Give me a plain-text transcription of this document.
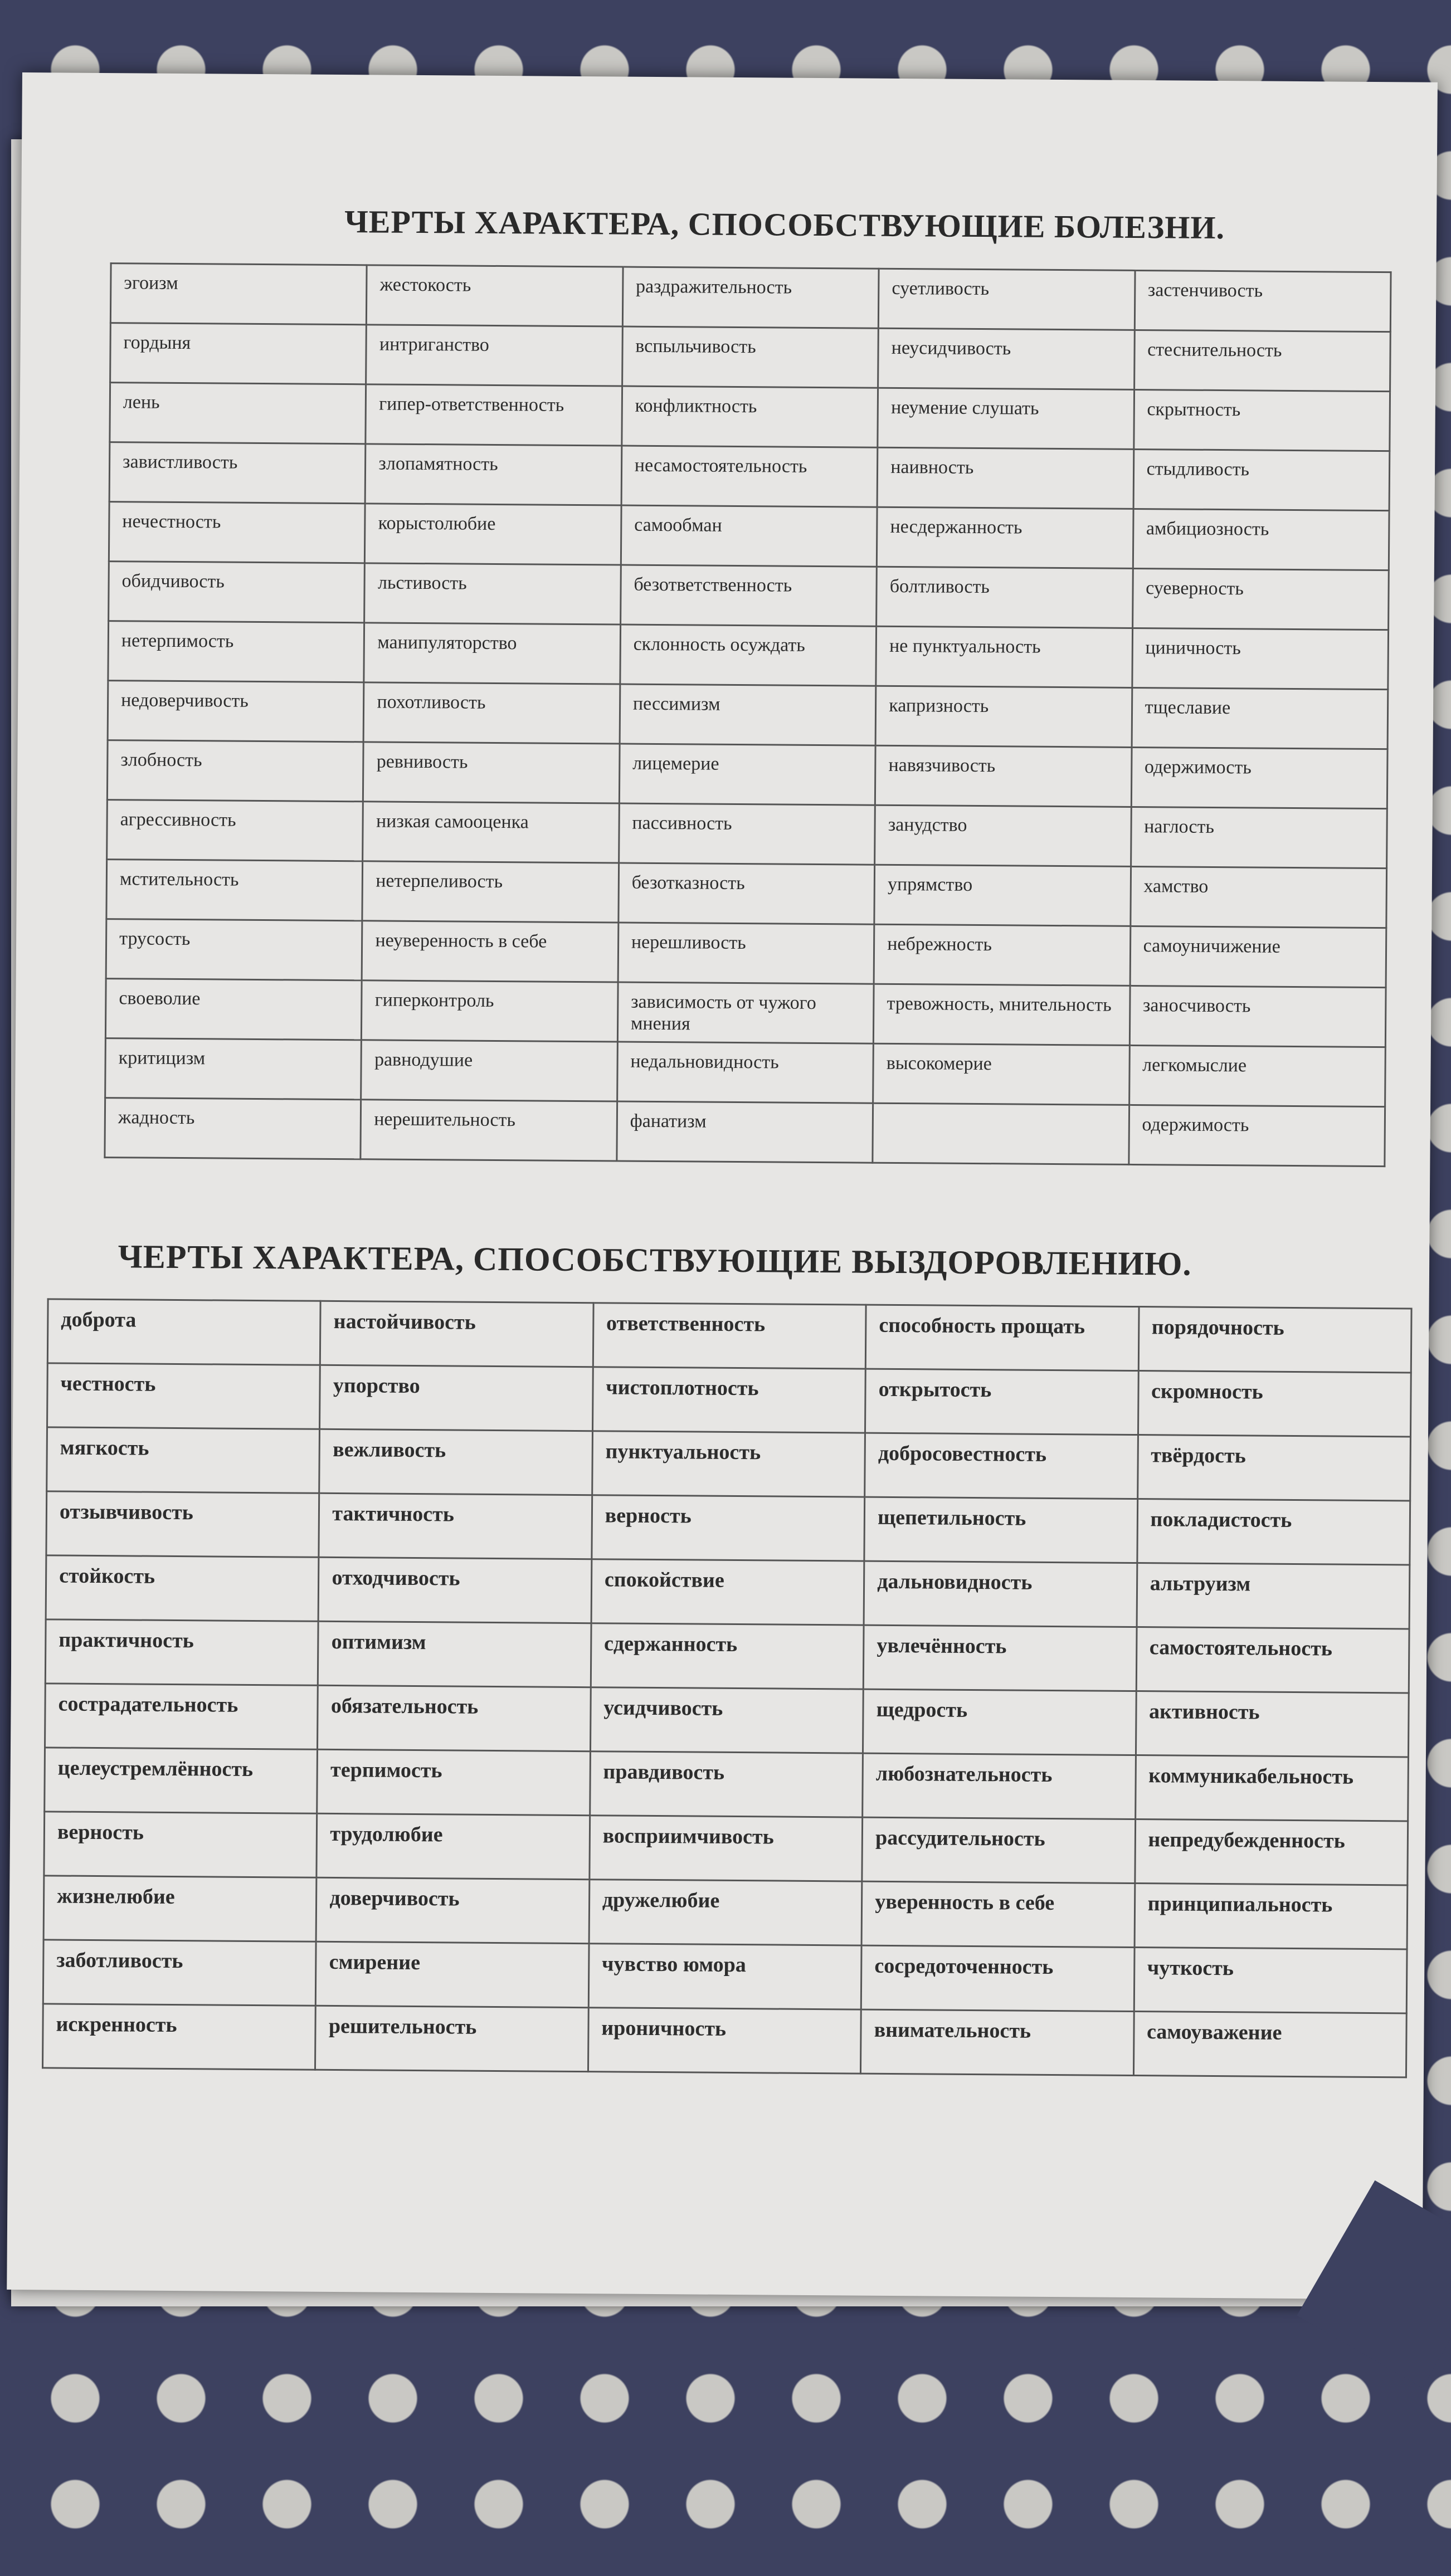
ЧЕРТЫ ХАРАКТЕРА, СПОСОБСТВУЮЩИЕ БОЛЕЗНИ.
эгоизм	жестокость	раздражительность	суетливость	застенчивость
гордыня	интриганство	вспыльчивость	неусидчивость	стеснительность
лень	гипер-ответственность	конфликтность	неумение слушать	скрытность
завистливость	злопамятность	несамостоятельность	наивность	стыдливость
нечестность	корыстолюбие	самообман	несдержанность	амбициозность
обидчивость	льстивость	безответственность	болтливость	суеверность
нетерпимость	манипуляторство	склонность осуждать	не пунктуальность	циничность
недоверчивость	похотливость	пессимизм	капризность	тщеславие
злобность	ревнивость	лицемерие	навязчивость	одержимость
агрессивность	низкая самооценка	пассивность	занудство	наглость
мстительность	нетерпеливость	безотказность	упрямство	хамство
трусость	неуверенность в себе	нерешливость	небрежность	самоуничижение
своеволие	гиперконтроль	зависимость от чужого мнения	тревожность, мнительность	заносчивость
критицизм	равнодушие	недальновидность	высокомерие	легкомыслие
жадность	нерешительность	фанатизм		одержимость
ЧЕРТЫ ХАРАКТЕРА, СПОСОБСТВУЮЩИЕ ВЫЗДОРОВЛЕНИЮ.
доброта	настойчивость	ответственность	способность прощать	порядочность
честность	упорство	чистоплотность	открытость	скромность
мягкость	вежливость	пунктуальность	добросовестность	твёрдость
отзывчивость	тактичность	верность	щепетильность	покладистость
стойкость	отходчивость	спокойствие	дальновидность	альтруизм
практичность	оптимизм	сдержанность	увлечённость	самостоятельность
сострадательность	обязательность	усидчивость	щедрость	активность
целеустремлённость	терпимость	правдивость	любознательность	коммуникабельность
верность	трудолюбие	восприимчивость	рассудительность	непредубежденность
жизнелюбие	доверчивость	дружелюбие	уверенность в себе	принципиальность
заботливость	смирение	чувство юмора	сосредоточенность	чуткость
искренность	решительность	ироничность	внимательность	самоуважение
